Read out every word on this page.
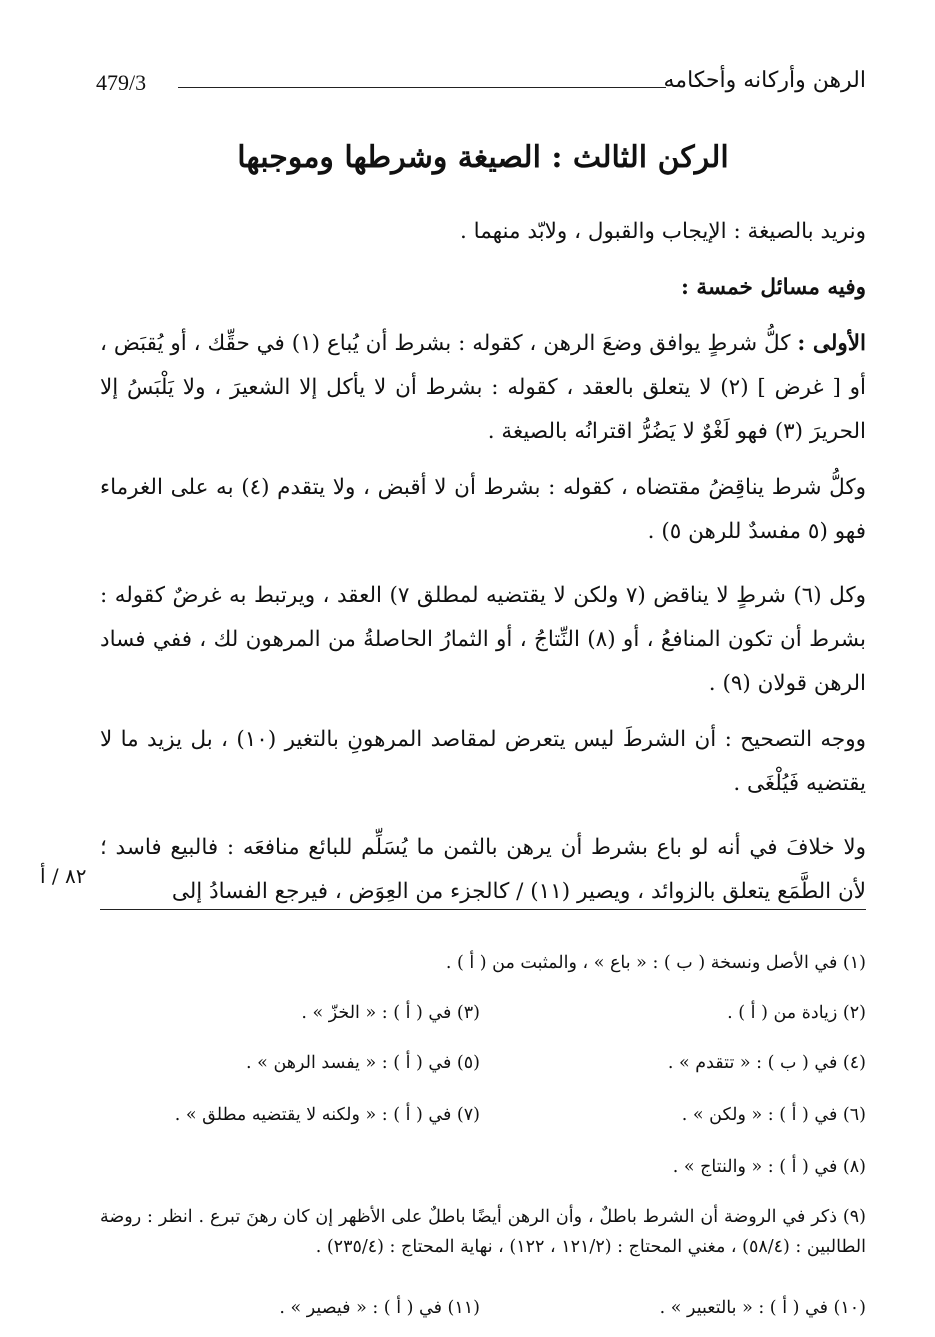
479/3	الرهن وأركانه وأحكامه
الركن الثالث : الصيغة وشرطها وموجبها
ونريد بالصيغة : الإيجاب والقبول ، ولابّد منهما .
وفيه مسائل خمسة :
الأولى : كلُّ شرطٍ يوافق وضعَ الرهن ، كقوله : بشرط أن يُباع (١) في حقِّك ، أو يُقبَض ، أو [ غرض ] (٢) لا يتعلق بالعقد ، كقوله : بشرط أن لا يأكل إلا الشعيرَ ، ولا يَلْبَسُ إلا الحريرَ (٣) فهو لَغْوٌ لا يَضُرُّ اقترانُه بالصيغة .
وكلُّ شرط يناقِضُ مقتضاه ، كقوله : بشرط أن لا أقبض ، ولا يتقدم (٤) به على الغرماء فهو (٥ مفسدٌ للرهن ٥) .
وكل (٦) شرطٍ لا يناقض (٧ ولكن لا يقتضيه لمطلق ٧) العقد ، ويرتبط به غرضٌ كقوله : بشرط أن تكون المنافعُ ، أو (٨) النِّتاجُ ، أو الثمارُ الحاصلةُ من المرهون لك ، ففي فساد الرهن قولان (٩) .
ووجه التصحيح : أن الشرطَ ليس يتعرض لمقاصد المرهونِ بالتغير (١٠) ، بل يزيد ما لا يقتضيه فَيُلْغَى .
ولا خلافَ في أنه لو باع بشرط أن يرهن بالثمن ما يُسَلِّم للبائع منافعَه : فالبيع فاسد ؛ لأن الطَّمَع يتعلق بالزوائد ، ويصير (١١) / كالجزء من العِوَض ، فيرجع الفسادُ إلى
٨٢ / أ
(١) في الأصل ونسخة ( ب ) : « باع » ، والمثبت من ( أ ) .
(٢) زيادة من ( أ ) .
(٣) في ( أ ) : « الخزّ » .
(٤) في ( ب ) : « تتقدم » .
(٥) في ( أ ) : « يفسد الرهن » .
(٦) في ( أ ) : « ولكن » .
(٧) في ( أ ) : « ولكنه لا يقتضيه مطلق » .
(٨) في ( أ ) : « والنتاج » .
(٩) ذكر في الروضة أن الشرط باطلٌ ، وأن الرهن أيضًا باطلٌ على الأظهر إن كان رهنَ تبرع . انظر : روضة الطالبين : (٥٨/٤) ، مغني المحتاج : (١٢١/٢ ، ١٢٢) ، نهاية المحتاج : (٢٣٥/٤) .
(١٠) في ( أ ) : « بالتعبير » .
(١١) في ( أ ) : « فيصير » .
